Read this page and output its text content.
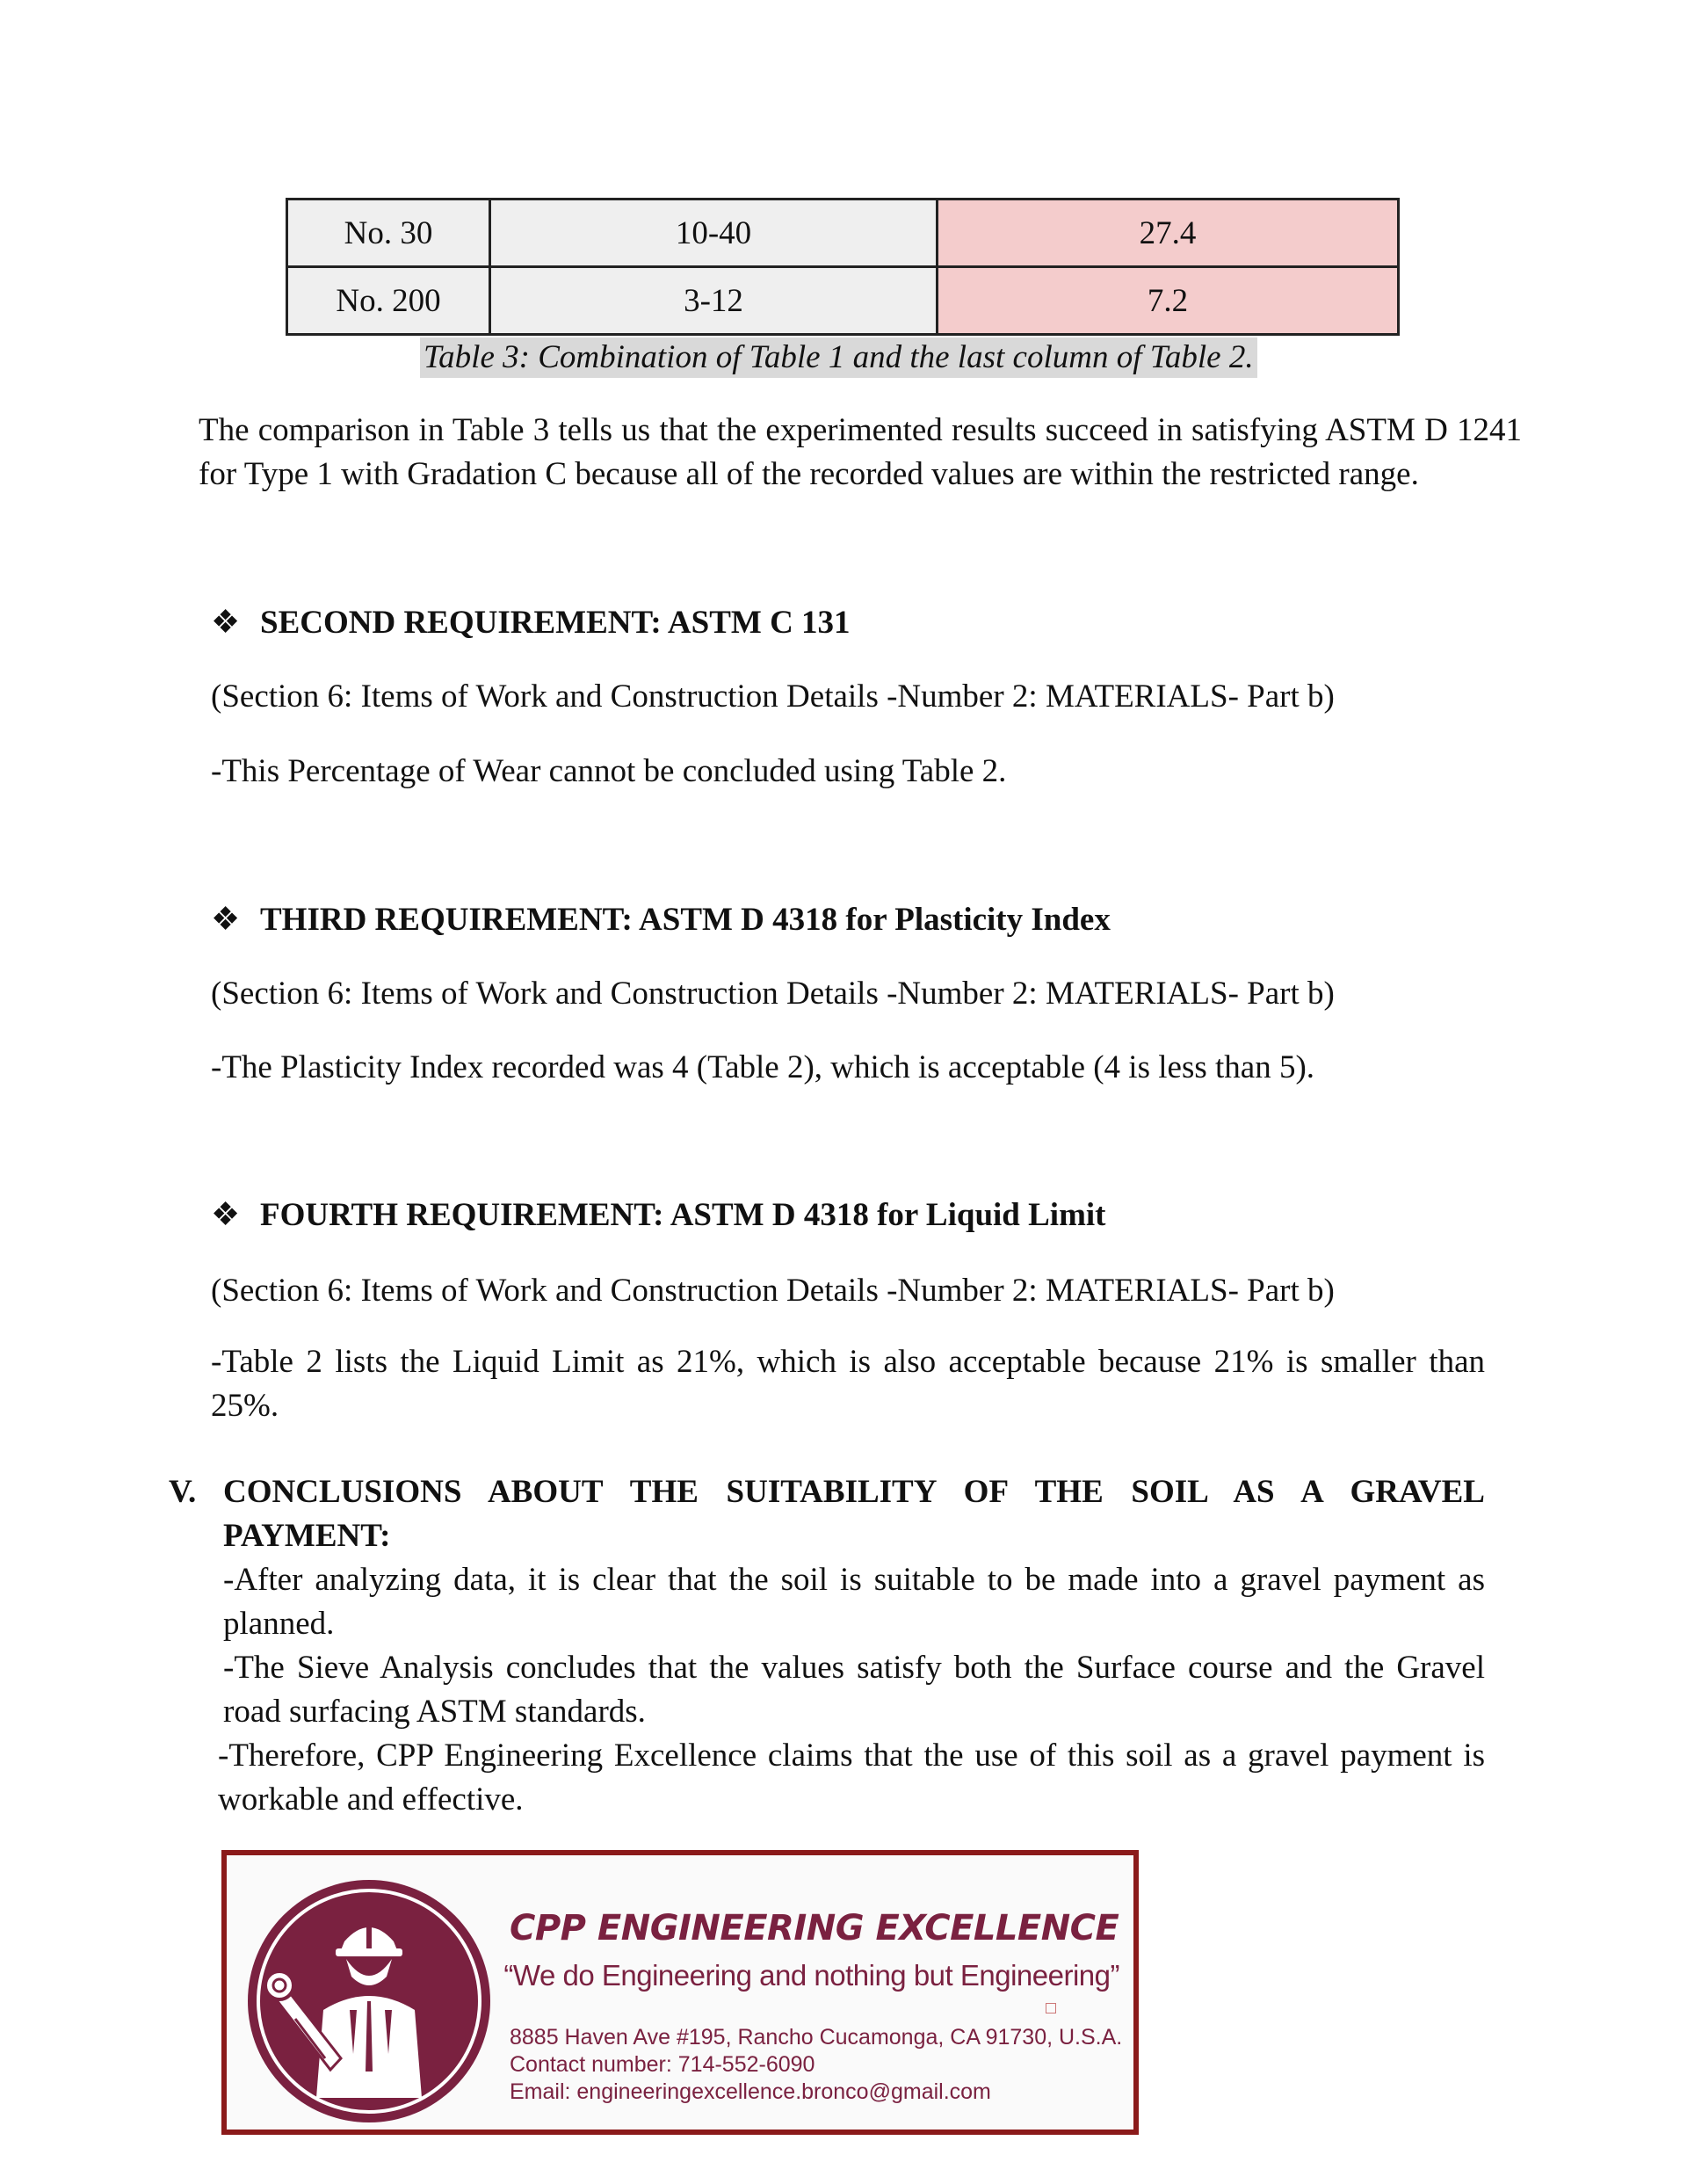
No. 30	10-40	27.4
No. 200	3-12	7.2
Table 3: Combination of Table 1 and the last column of Table 2.
The comparison in Table 3 tells us that the experimented results succeed in satisfying ASTM D 1241 for Type 1 with Gradation C because all of the recorded values are within the restricted range.
❖ SECOND REQUIREMENT: ASTM C 131
(Section 6: Items of Work and Construction Details -Number 2: MATERIALS- Part b)
-This Percentage of Wear cannot be concluded using Table 2.
❖ THIRD REQUIREMENT: ASTM D 4318 for Plasticity Index
(Section 6: Items of Work and Construction Details -Number 2: MATERIALS- Part b)
-The Plasticity Index recorded was 4 (Table 2), which is acceptable (4 is less than 5).
❖ FOURTH REQUIREMENT: ASTM D 4318 for Liquid Limit
(Section 6: Items of Work and Construction Details -Number 2: MATERIALS- Part b)
-Table 2 lists the Liquid Limit as 21%, which is also acceptable because 21% is smaller than 25%.
V. CONCLUSIONS ABOUT THE SUITABILITY OF THE SOIL AS A GRAVEL
PAYMENT:
-After analyzing data, it is clear that the soil is suitable to be made into a gravel payment as planned.
-The Sieve Analysis concludes that the values satisfy both the Surface course and the Gravel road surfacing ASTM standards.
-Therefore, CPP Engineering Excellence claims that the use of this soil as a gravel payment is workable and effective.
CPP ENGINEERING EXCELLENCE
“We do Engineering and nothing but Engineering”
8885 Haven Ave #195, Rancho Cucamonga, CA 91730, U.S.A.
Contact number: 714-552-6090
Email: engineeringexcellence.bronco@gmail.com
